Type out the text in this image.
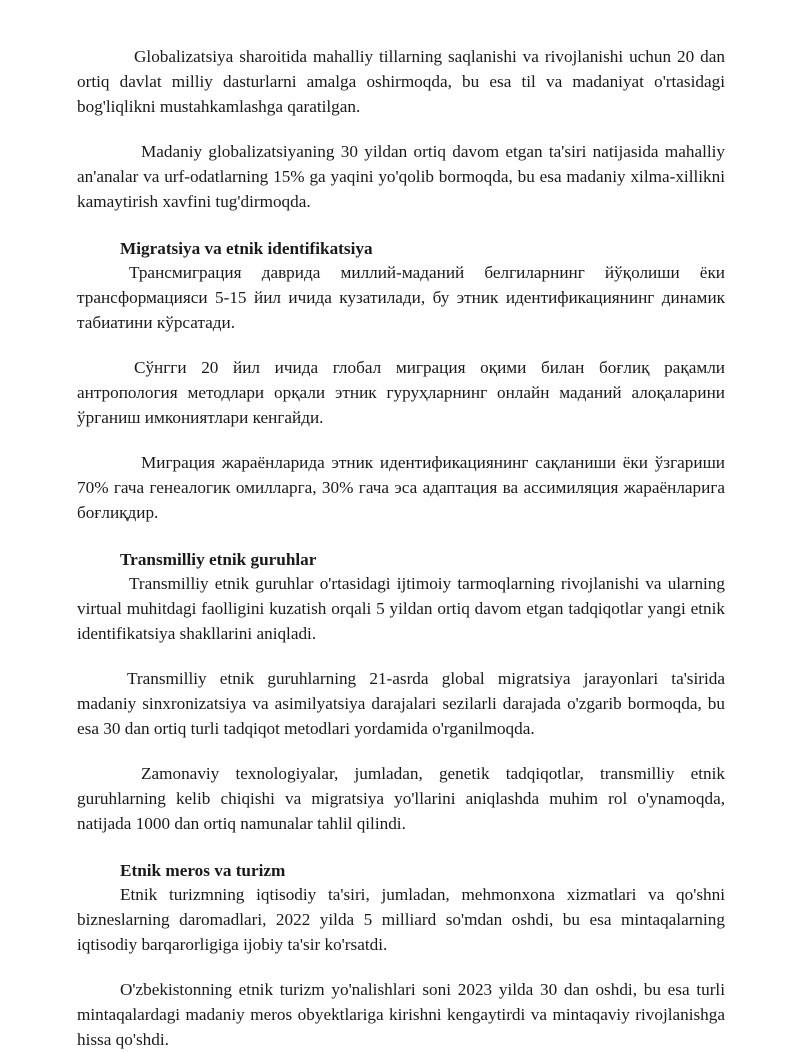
Globalizatsiya sharoitida mahalliy tillarning saqlanishi va rivojlanishi uchun 20 dan ortiq davlat milliy dasturlarni amalga oshirmoqda, bu esa til va madaniyat o'rtasidagi bog'liqlikni mustahkamlashga qaratilgan.

Madaniy globalizatsiyaning 30 yildan ortiq davom etgan ta'siri natijasida mahalliy an'analar va urf-odatlarning 15% ga yaqini yo'qolib bormoqda, bu esa madaniy xilma-xillikni kamaytirish xavfini tug'dirmoqda.

Migratsiya va etnik identifikatsiya

Трансмиграция даврида миллий-маданий белгиларнинг йўқолиши ёки трансформацияси 5-15 йил ичида кузатилади, бу этник идентификациянинг динамик табиатини кўрсатади.

Сўнгги 20 йил ичида глобал миграция оқими билан боғлиқ рақамли антропология методлари орқали этник гуруҳларнинг онлайн маданий алоқаларини ўрганиш имкониятлари кенгайди.

Миграция жараёнларида этник идентификациянинг сақланиши ёки ўзгариши 70% гача генеалогик омилларга, 30% гача эса адаптация ва ассимиляция жараёнларига боғлиқдир.

Transmilliy etnik guruhlar

Transmilliy etnik guruhlar o'rtasidagi ijtimoiy tarmoqlarning rivojlanishi va ularning virtual muhitdagi faolligini kuzatish orqali 5 yildan ortiq davom etgan tadqiqotlar yangi etnik identifikatsiya shakllarini aniqladi.

Transmilliy etnik guruhlarning 21-asrda global migratsiya jarayonlari ta'sirida madaniy sinxronizatsiya va asimilyatsiya darajalari sezilarli darajada o'zgarib bormoqda, bu esa 30 dan ortiq turli tadqiqot metodlari yordamida o'rganilmoqda.

Zamonaviy texnologiyalar, jumladan, genetik tadqiqotlar, transmilliy etnik guruhlarning kelib chiqishi va migratsiya yo'llarini aniqlashda muhim rol o'ynamoqda, natijada 1000 dan ortiq namunalar tahlil qilindi.

Etnik meros va turizm

Etnik turizmning iqtisodiy ta'siri, jumladan, mehmonxona xizmatlari va qo'shni bizneslarning daromadlari, 2022 yilda 5 milliard so'mdan oshdi, bu esa mintaqalarning iqtisodiy barqarorligiga ijobiy ta'sir ko'rsatdi.

O'zbekistonning etnik turizm yo'nalishlari soni 2023 yilda 30 dan oshdi, bu esa turli mintaqalardagi madaniy meros obyektlariga kirishni kengaytirdi va mintaqaviy rivojlanishga hissa qo'shdi.
